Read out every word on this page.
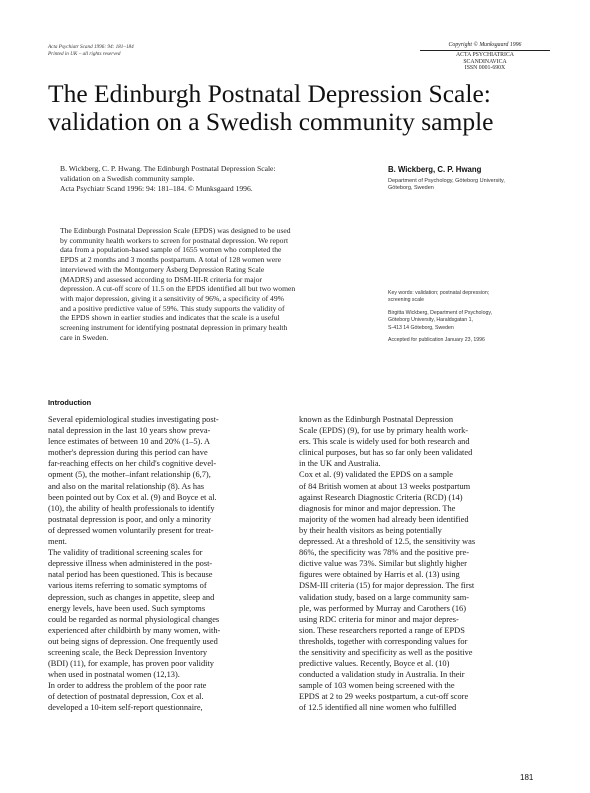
Acta Psychiatr Scand 1996: 94: 181–184
Printed in UK – all rights reserved
Copyright © Munksgaard 1996
ACTA PSYCHIATRICA
SCANDINAVICA
ISSN 0001-690X
The Edinburgh Postnatal Depression Scale:
validation on a Swedish community sample
B. Wickberg, C. P. Hwang. The Edinburgh Postnatal Depression Scale:
validation on a Swedish community sample.
Acta Psychiatr Scand 1996: 94: 181–184. © Munksgaard 1996.
B. Wickberg, C. P. Hwang
Department of Psychology, Göteborg University,
Göteborg, Sweden
The Edinburgh Postnatal Depression Scale (EPDS) was designed to be used
by community health workers to screen for postnatal depression. We report
data from a population-based sample of 1655 women who completed the
EPDS at 2 months and 3 months postpartum. A total of 128 women were
interviewed with the Montgomery Åsberg Depression Rating Scale
(MADRS) and assessed according to DSM-III-R criteria for major
depression. A cut-off score of 11.5 on the EPDS identified all but two women
with major depression, giving it a sensitivity of 96%, a specificity of 49%
and a positive predictive value of 59%. This study supports the validity of
the EPDS shown in earlier studies and indicates that the scale is a useful
screening instrument for identifying postnatal depression in primary health
care in Sweden.
Key words: validation; postnatal depression;
screening scale
Birgitta Wickberg, Department of Psychology,
Göteborg University, Haraldsgatan 1,
S-413 14 Göteborg, Sweden
Accepted for publication January 23, 1996
Introduction
Several epidemiological studies investigating post-
natal depression in the last 10 years show preva-
lence estimates of between 10 and 20% (1–5). A
mother's depression during this period can have
far-reaching effects on her child's cognitive devel-
opment (5), the mother–infant relationship (6,7),
and also on the marital relationship (8). As has
been pointed out by Cox et al. (9) and Boyce et al.
(10), the ability of health professionals to identify
postnatal depression is poor, and only a minority
of depressed women voluntarily present for treat-
ment.
The validity of traditional screening scales for
depressive illness when administered in the post-
natal period has been questioned. This is because
various items referring to somatic symptoms of
depression, such as changes in appetite, sleep and
energy levels, have been used. Such symptoms
could be regarded as normal physiological changes
experienced after childbirth by many women, with-
out being signs of depression. One frequently used
screening scale, the Beck Depression Inventory
(BDI) (11), for example, has proven poor validity
when used in postnatal women (12,13).
In order to address the problem of the poor rate
of detection of postnatal depression, Cox et al.
developed a 10-item self-report questionnaire,
known as the Edinburgh Postnatal Depression
Scale (EPDS) (9), for use by primary health work-
ers. This scale is widely used for both research and
clinical purposes, but has so far only been validated
in the UK and Australia.
Cox et al. (9) validated the EPDS on a sample
of 84 British women at about 13 weeks postpartum
against Research Diagnostic Criteria (RCD) (14)
diagnosis for minor and major depression. The
majority of the women had already been identified
by their health visitors as being potentially
depressed. At a threshold of 12.5, the sensitivity was
86%, the specificity was 78% and the positive pre-
dictive value was 73%. Similar but slightly higher
figures were obtained by Harris et al. (13) using
DSM-III criteria (15) for major depression. The first
validation study, based on a large community sam-
ple, was performed by Murray and Carothers (16)
using RDC criteria for minor and major depres-
sion. These researchers reported a range of EPDS
thresholds, together with corresponding values for
the sensitivity and specificity as well as the positive
predictive values. Recently, Boyce et al. (10)
conducted a validation study in Australia. In their
sample of 103 women being screened with the
EPDS at 2 to 29 weeks postpartum, a cut-off score
of 12.5 identified all nine women who fulfilled
181
